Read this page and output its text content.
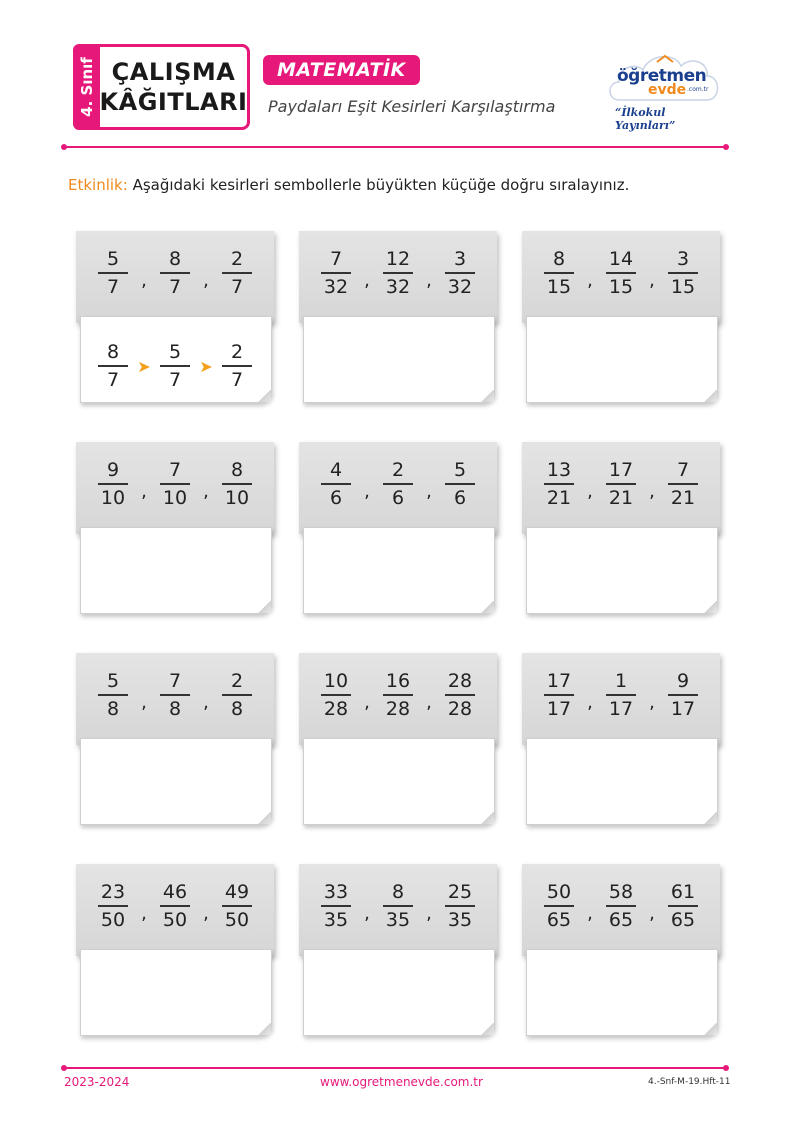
4. Sınıf ÇALIŞMA
KÂĞITLARI
MATEMATİK
Paydaları Eşit Kesirleri Karşılaştırma
öğretmen
evde .com.tr
“İlkokul Yayınları”
Etkinlik: Aşağıdaki kesirleri sembollerle büyükten küçüğe doğru sıralayınız.
$\frac{5}{7}$ , $\frac{8}{7}$ , $\frac{2}{7}$
$\frac{8}{7}$ ➤ $\frac{5}{7}$ ➤ $\frac{2}{7}$
$\frac{7}{32}$ , $\frac{12}{32}$ , $\frac{3}{32}$	$\frac{8}{15}$ , $\frac{14}{15}$ , $\frac{3}{15}$
$\frac{9}{10}$ , $\frac{7}{10}$ , $\frac{8}{10}$	$\frac{4}{6}$ , $\frac{2}{6}$ , $\frac{5}{6}$	$\frac{13}{21}$ , $\frac{17}{21}$ , $\frac{7}{21}$
$\frac{5}{8}$ , $\frac{7}{8}$ , $\frac{2}{8}$	$\frac{10}{28}$ , $\frac{16}{28}$ , $\frac{28}{28}$	$\frac{17}{17}$ , $\frac{1}{17}$ , $\frac{9}{17}$
$\frac{23}{50}$ , $\frac{46}{50}$ , $\frac{49}{50}$	$\frac{33}{35}$ , $\frac{8}{35}$ , $\frac{25}{35}$	$\frac{50}{65}$ , $\frac{58}{65}$ , $\frac{61}{65}$
2023-2024	www.ogretmenevde.com.tr	4.-Snf-M-19.Hft-11
